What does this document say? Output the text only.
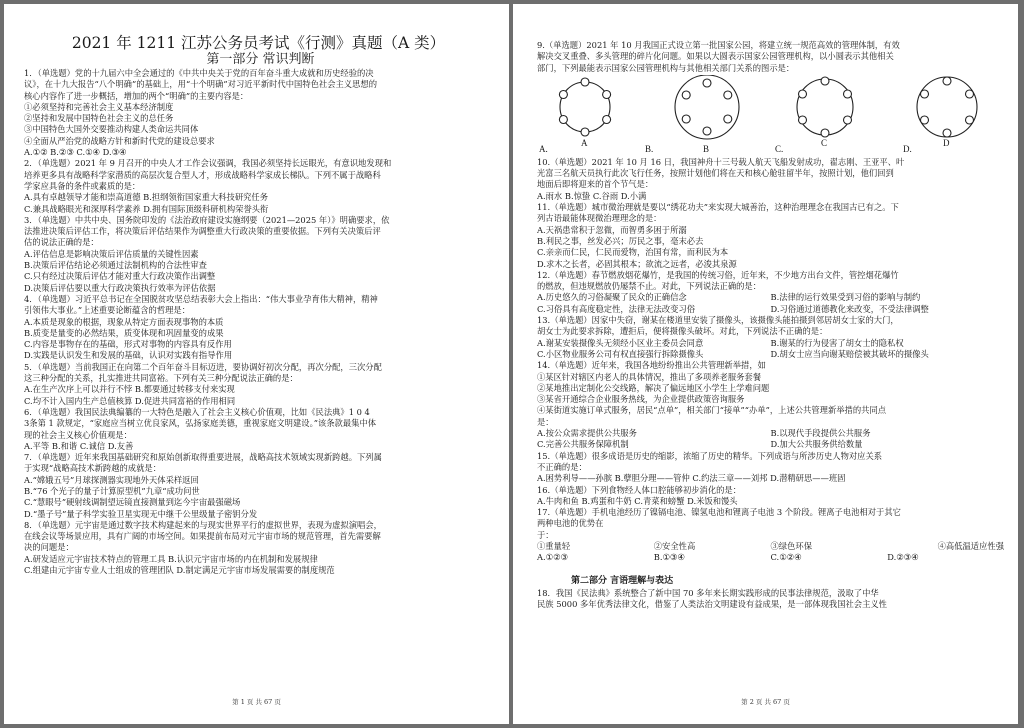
2021 年 1211 江苏公务员考试《行测》真题（A 类）
第一部分 常识判断
1．（单选题）党的十九届六中全会通过的《中共中央关于党的百年奋斗重大成就和历史经验的决
议》，在十九大报告“八个明确”的基础上，用“十个明确”对习近平新时代中国特色社会主义思想的
核心内容作了进一步概括，增加的两个“明确”的主要内容是：
①必须坚持和完善社会主义基本经济制度
②坚持和发展中国特色社会主义的总任务
③中国特色大国外交要推动构建人类命运共同体
④全面从严治党的战略方针和新时代党的建设总要求
A.①② B.②③ C.①④ D.③④
2．（单选题）2021 年 9 月召开的中央人才工作会议强调，我国必须坚持长远眼光，有意识地发现和
培养更多具有战略科学家潜质的高层次复合型人才，形成战略科学家成长梯队。下列不属于战略科
学家应具备的条件或素质的是：
A.具有卓越领导才能和崇高道德 B.担纲领衔国家重大科技研究任务
C.兼具战略眼光和深厚科学素养 D.拥有国际顶级科研机构荣誉头衔
3．（单选题）中共中央、国务院印发的《法治政府建设实施纲要（2021—2025 年）》明确要求，依
法推进决策后评估工作，将决策后评估结果作为调整重大行政决策的重要依据。下列有关决策后评
估的说法正确的是：
A.评估信息是影响决策后评估质量的关键性因素
B.决策后评估结论必须通过法制机构的合法性审查
C.只有经过决策后评估才能对重大行政决策作出调整
D.决策后评估要以重大行政决策执行效率为评估依据
4．（单选题）习近平总书记在全国脱贫攻坚总结表彰大会上指出：“伟大事业孕育伟大精神，精神
引领伟大事业。”上述重要论断蕴含的哲理是：
A.本质是现象的根据，现象从特定方面表现事物的本质
B.质变是量变的必然结果，质变体现和巩固量变的成果
C.内容是事物存在的基础，形式对事物的内容具有反作用
D.实践是认识发生和发展的基础，认识对实践有指导作用
5．（单选题）当前我国正在向第二个百年奋斗目标迈进，要协调好初次分配，再次分配，三次分配
这三种分配的关系，扎实推进共同富裕。下列有关三种分配说法正确的是：
A.在生产次序上可以并行不悖 B.都要通过转移支付来实现
C.均不计入国内生产总值核算 D.促进共同富裕的作用相同
6．（单选题）我国民法典编纂的一大特色是融入了社会主义核心价值观，比如《民法典》1 0 4
3条第 1 款规定，“家庭应当树立优良家风，弘扬家庭美德，重视家庭文明建设。”该条款最集中体
现的社会主义核心价值观是：
A.平等 B.和谐 C.诚信 D.友善
7．（单选题）近年来我国基础研究和原始创新取得重要进展，战略高技术领域实现新跨越。下列属
于实现“战略高技术新跨越的成就是：
A.“嫦娥五号”月球探测器实现地外天体采样返回
B.“76 个光子的量子计算原型机”九章“成功问世
C.“慧眼号”硬射线调制望远镜直接测量到迄今宇宙最强磁场
D.“墨子号”量子科学实验卫星实现无中继千公里级量子密钥分发
8．（单选题）元宇宙是通过数字技术构建起来的与现实世界平行的虚拟世界，表现为虚拟演唱会，
在线会议等场景应用，具有广阔的市场空间。如果提前布局对元宇宙市场的规范管理，首先需要解
决的问题是：
A.研发适应元宇宙技术特点的管理工具 B.认识元宇宙市场的内在机制和发展规律
C.组建由元宇宙专业人士组成的管理团队 D.制定满足元宇宙市场发展需要的制度规范
第 1 页 共 67 页
9.（单选题）2021 年 10 月我国正式设立第一批国家公园，将建立统一规范高效的管理体制，有效
解决交叉重叠、多头管理的碎片化问题。如果以大圆表示国家公园管理机构，以小圆表示其他相关
部门，下列最能表示国家公园管理机构与其他相关部门关系的图示是：
A.
A
B.	B	C.
C
D.
D
10.（单选题）2021 年 10 月 16 日，我国神舟十三号载人航天飞船发射成功，翟志刚、王亚平、叶
光富三名航天员执行此次飞行任务，按照计划他们将在天和核心舱驻留半年，按照计划，他们回到
地面后即将迎来的首个节气是：
A.雨水 B.惊蛰 C.谷雨 D.小满
11.（单选题）城市微治理就是要以“绣花功夫”来实现大城善治，这种治理理念在我国古已有之。下
列古语最能体现微治理理念的是：
A.天祸患常积于忽微，而智勇多困于所溺
B.利民之事，丝发必兴；厉民之事，毫末必去
C.亲亲而仁民，仁民而爱物，治国有常，而利民为本
D.求木之长者，必固其根本；欲流之远者，必浚其泉源
12.（单选题）春节燃放烟花爆竹，是我国的传统习俗，近年来，不少地方出台文件，管控烟花爆竹
的燃放，但违规燃放仍屡禁不止。对此，下列说法正确的是：
A.历史悠久的习俗凝聚了民众的正确信念	B.法律的运行效果受到习俗的影响与制约
C.习俗具有高度稳定性，法律无法改变习俗	D.习俗通过道德教化来改变，不受法律调整
13.（单选题）因家中失窃，谢某在楼道里安装了摄像头，该摄像头能拍摄到邻居胡女士家的大门，
胡女士为此要求拆除，遭拒后，便将摄像头破坏。对此，下列说法不正确的是：
A.谢某安装摄像头无须经小区业主委员会同意	B.谢某的行为侵害了胡女士的隐私权
C.小区物业服务公司有权直接强行拆除摄像头	D.胡女士应当向谢某赔偿被其破坏的摄像头
14.（单选题）近年来，我国各地纷纷推出公共管理新举措，如
①某区针对辖区内老人的具体情况，推出了多项养老服务套餐
②某地推出定制化公交线路，解决了偏远地区小学生上学难问题
③某省开通综合企业服务热线，为企业提供政策咨询服务
④某街道实施订单式服务，居民“点单”，相关部门“接单”“办单”，上述公共管理新举措的共同点
是：
A.按公众需求提供公共服务	B.以现代手段提供公共服务
C.完善公共服务保障机制	D.加大公共服务供给数量
15.（单选题）很多成语是历史的缩影，浓缩了历史的精华。下列成语与所涉历史人物对应关系
不正确的是：
A.困势利导——孙膑 B.孽胆分理——管仲 C.约法三章——刘邦 D.潜精研思——班固
16.（单选题）下列食物经人体口腔能够初步消化的是：
A.牛肉和鱼 B.鸡蛋和牛奶 C.青菜和螃蟹 D.米饭和馒头
17.（单选题）手机电池经历了镍镉电池、镍氢电池和锂离子电池 3 个阶段。锂离子电池相对于其它
两种电池的优势在
于：
①重量轻	②安全性高	③绿色环保	④高低温适应性强
A.①②③	B.①③④	C.①②④	D.②③④
第二部分 言语理解与表达
18．我国《民法典》系统整合了新中国 70 多年来长期实践形成的民事法律规范，汲取了中华
民族 5000 多年优秀法律文化，借鉴了人类法治文明建设有益成果，是一部体现我国社会主义性
第 2 页 共 67 页
